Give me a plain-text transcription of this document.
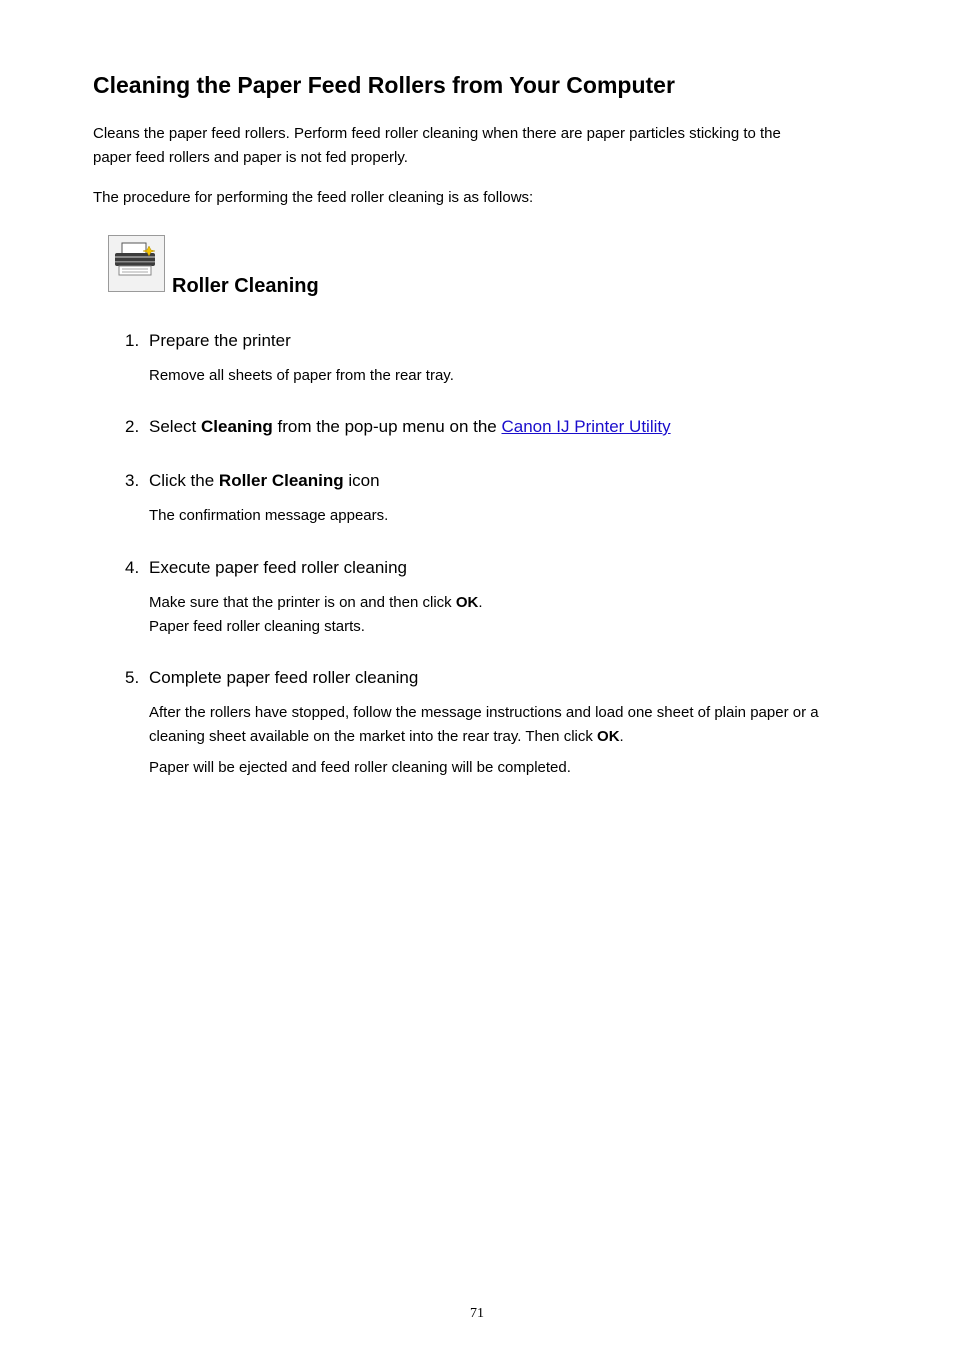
Cleaning the Paper Feed Rollers from Your Computer

Cleans the paper feed rollers. Perform feed roller cleaning when there are paper particles sticking to the
paper feed rollers and paper is not fed properly.

The procedure for performing the feed roller cleaning is as follows:

Roller Cleaning
1. Prepare the printer

Remove all sheets of paper from the rear tray.

2. Select Cleaning from the pop-up menu on the Canon IJ Printer Utility
3. Click the Roller Cleaning icon

The confirmation message appears.

4. Execute paper feed roller cleaning

Make sure that the printer is on and then click OK.
Paper feed roller cleaning starts.

5. Complete paper feed roller cleaning

After the rollers have stopped, follow the message instructions and load one sheet of plain paper or a
cleaning sheet available on the market into the rear tray. Then click OK.

Paper will be ejected and feed roller cleaning will be completed.

71
